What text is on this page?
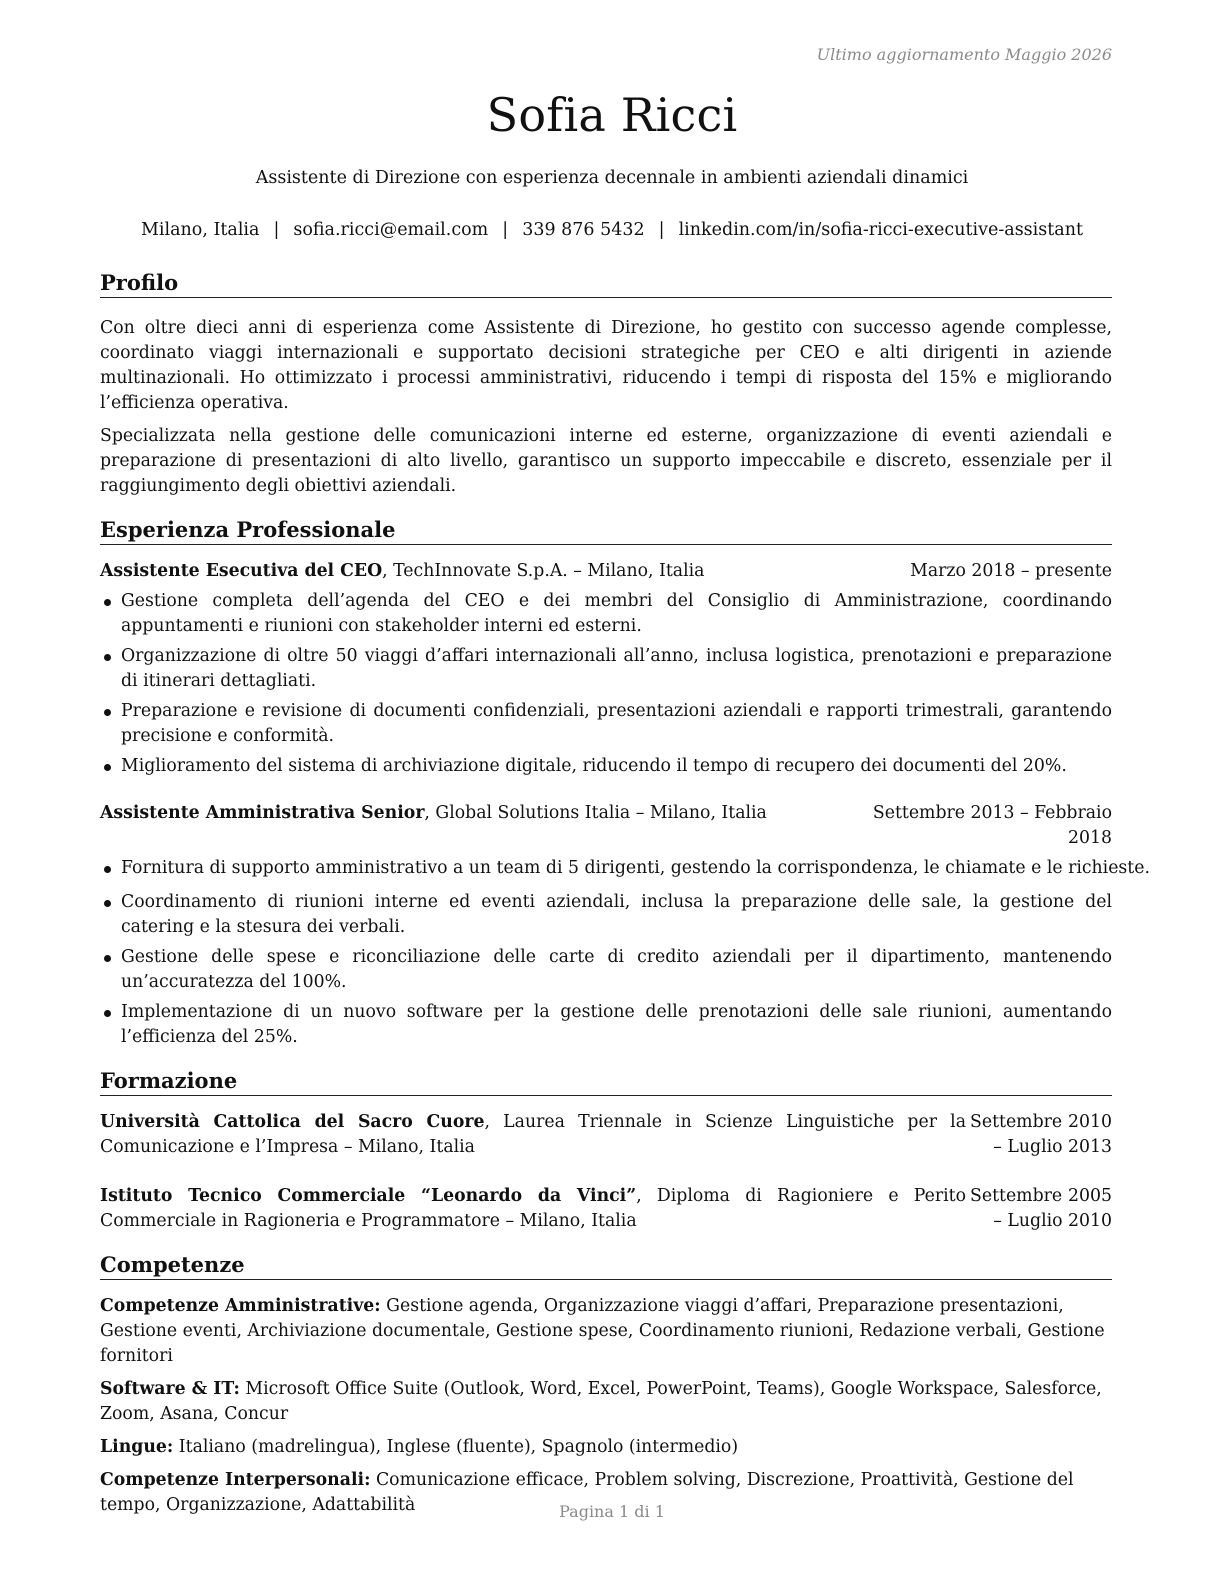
Ultimo aggiornamento Maggio 2026
Sofia Ricci
Assistente di Direzione con esperienza decennale in ambienti aziendali dinamici
Milano, Italia | sofia.ricci@email.com | 339 876 5432 | linkedin.com/in/sofia-ricci-executive-assistant
Profilo

Con oltre dieci anni di esperienza come Assistente di Direzione, ho gestito con successo agende complesse, coordinato viaggi internazionali e supportato decisioni strategiche per CEO e alti dirigenti in aziende multinazionali. Ho ottimizzato i processi amministrativi, riducendo i tempi di risposta del 15% e migliorando l’efficienza operativa.

Specializzata nella gestione delle comunicazioni interne ed esterne, organizzazione di eventi aziendali e preparazione di presentazioni di alto livello, garantisco un supporto impeccabile e discreto, essenziale per il raggiungimento degli obiettivi aziendali.

Esperienza Professionale
Assistente Esecutiva del CEO, TechInnovate S.p.A. – Milano, Italia	Marzo 2018 – presente
Gestione completa dell’agenda del CEO e dei membri del Consiglio di Amministrazione, coordinando appuntamenti e riunioni con stakeholder interni ed esterni.
Organizzazione di oltre 50 viaggi d’affari internazionali all’anno, inclusa logistica, prenotazioni e preparazione di itinerari dettagliati.
Preparazione e revisione di documenti confidenziali, presentazioni aziendali e rapporti trimestrali, garantendo precisione e conformità.
Miglioramento del sistema di archiviazione digitale, riducendo il tempo di recupero dei documenti del 20%.
Assistente Amministrativa Senior, Global Solutions Italia – Milano, Italia	Settembre 2013 – Febbraio 2018
Fornitura di supporto amministrativo a un team di 5 dirigenti, gestendo la corrispondenza, le chiamate e le richieste.
Coordinamento di riunioni interne ed eventi aziendali, inclusa la preparazione delle sale, la gestione del catering e la stesura dei verbali.
Gestione delle spese e riconciliazione delle carte di credito aziendali per il dipartimento, mantenendo un’accuratezza del 100%.
Implementazione di un nuovo software per la gestione delle prenotazioni delle sale riunioni, aumentando l’efficienza del 25%.
Formazione
Università Cattolica del Sacro Cuore, Laurea Triennale in Scienze Linguistiche per la Comunicazione e l’Impresa – Milano, Italia
Settembre 2010 – Luglio 2013
Istituto Tecnico Commerciale “Leonardo da Vinci”, Diploma di Ragioniere e Perito Commerciale in Ragioneria e Programmatore – Milano, Italia
Settembre 2005 – Luglio 2010
Competenze

Competenze Amministrative: Gestione agenda, Organizzazione viaggi d’affari, Preparazione presentazioni, Gestione eventi, Archiviazione documentale, Gestione spese, Coordinamento riunioni, Redazione verbali, Gestione fornitori

Software & IT: Microsoft Office Suite (Outlook, Word, Excel, PowerPoint, Teams), Google Workspace, Salesforce, Zoom, Asana, Concur

Lingue: Italiano (madrelingua), Inglese (fluente), Spagnolo (intermedio)

Competenze Interpersonali: Comunicazione efficace, Problem solving, Discrezione, Proattività, Gestione del tempo, Organizzazione, Adattabilità	Pagina 1 di 1
